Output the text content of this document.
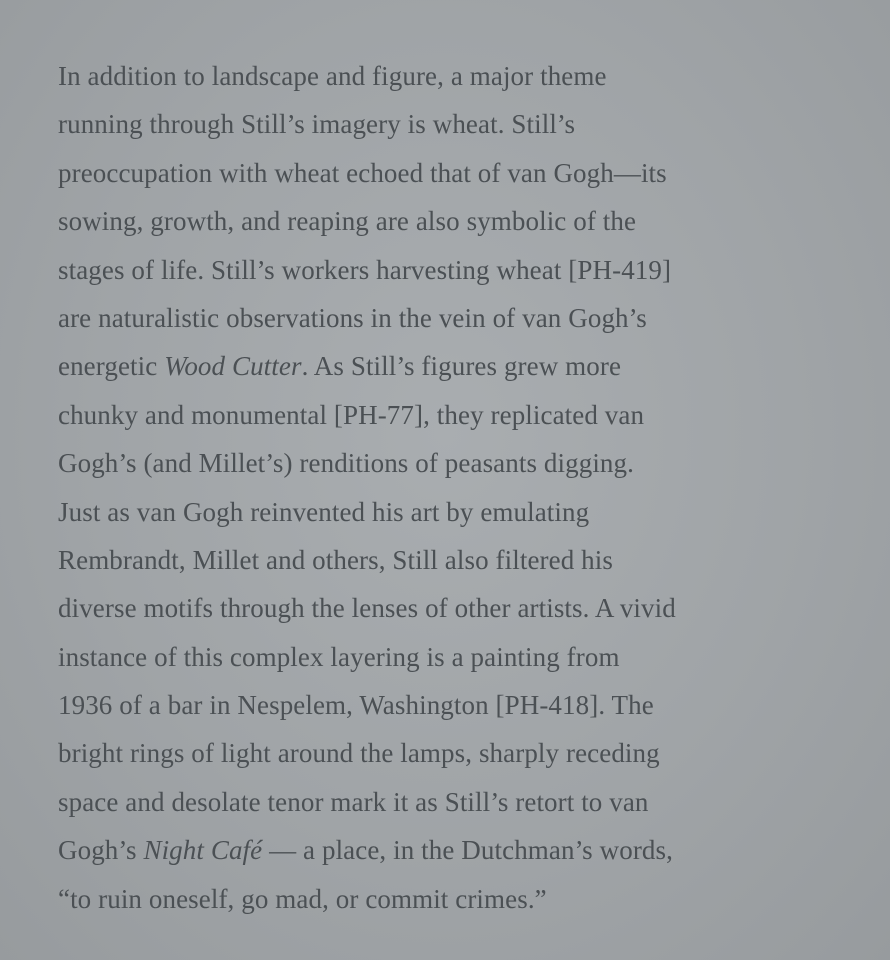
In addition to landscape and figure, a major theme
running through Still’s imagery is wheat. Still’s
preoccupation with wheat echoed that of van Gogh—its
sowing, growth, and reaping are also symbolic of the
stages of life. Still’s workers harvesting wheat [PH-419]
are naturalistic observations in the vein of van Gogh’s
energetic Wood Cutter. As Still’s figures grew more
chunky and monumental [PH-77], they replicated van
Gogh’s (and Millet’s) renditions of peasants digging.
Just as van Gogh reinvented his art by emulating
Rembrandt, Millet and others, Still also filtered his
diverse motifs through the lenses of other artists. A vivid
instance of this complex layering is a painting from
1936 of a bar in Nespelem, Washington [PH-418]. The
bright rings of light around the lamps, sharply receding
space and desolate tenor mark it as Still’s retort to van
Gogh’s Night Café — a place, in the Dutchman’s words,
“to ruin oneself, go mad, or commit crimes.”
